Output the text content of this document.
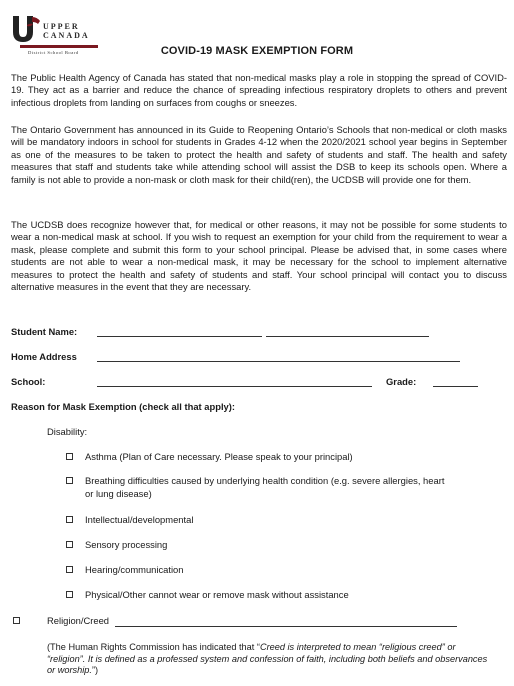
UPPER
CANADA
District School Board	COVID-19 MASK EXEMPTION FORM
The Public Health Agency of Canada has stated that non-medical masks play a role in stopping the spread of COVID-19. They act as a barrier and reduce the chance of spreading infectious respiratory droplets to others and prevent infectious droplets from landing on surfaces from coughs or sneezes.
The Ontario Government has announced in its Guide to Reopening Ontario’s Schools that non-medical or cloth masks will be mandatory indoors in school for students in Grades 4-12 when the 2020/2021 school year begins in September as one of the measures to be taken to protect the health and safety of students and staff. The health and safety measures that staff and students take while attending school will assist the DSB to keep its schools open. Where a family is not able to provide a non-mask or cloth mask for their child(ren), the UCDSB will provide one for them.
The UCDSB does recognize however that, for medical or other reasons, it may not be possible for some students to wear a non-medical mask at school. If you wish to request an exemption for your child from the requirement to wear a mask, please complete and submit this form to your school principal. Please be advised that, in some cases where students are not able to wear a non-medical mask, it may be necessary for the school to implement alternative measures to protect the health and safety of students and staff. Your school principal will contact you to discuss alternative measures in the event that they are necessary.
Student Name:
Home Address
School:	Grade:
Reason for Mask Exemption (check all that apply):
Disability:
Asthma (Plan of Care necessary. Please speak to your principal)
Breathing difficulties caused by underlying health condition (e.g. severe allergies, heart
or lung disease)
Intellectual/developmental
Sensory processing
Hearing/communication
Physical/Other cannot wear or remove mask without assistance
Religion/Creed
(The Human Rights Commission has indicated that “Creed is interpreted to mean “religious creed” or “religion”. It is defined as a professed system and confession of faith, including both beliefs and observances or worship.”)
